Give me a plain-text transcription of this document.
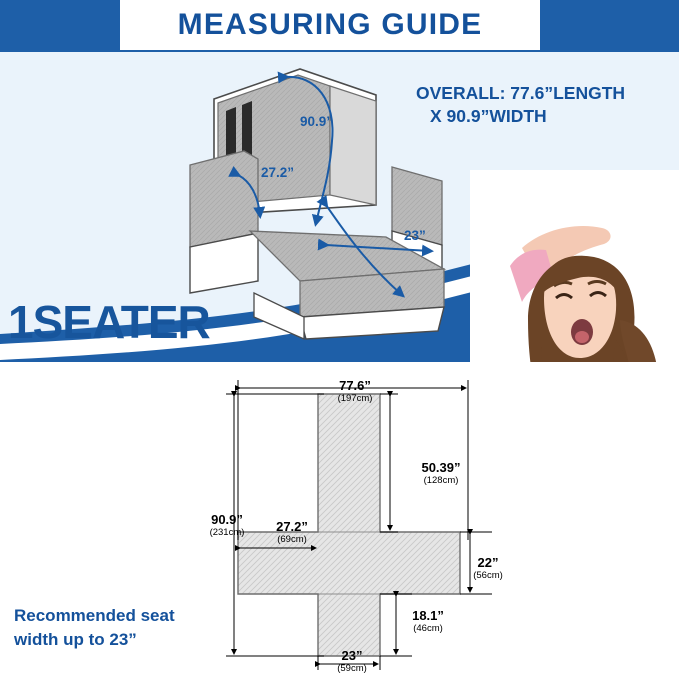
MEASURING GUIDE
OVERALL: 77.6”LENGTH
X 90.9”WIDTH
90.9”
27.2”
23”
1SEATER
77.6”
(197cm)
90.9”
(231cm)
50.39”
(128cm)
27.2”
(69cm)
22”
(56cm)
18.1”
(46cm)
23”
(59cm)
Recommended seat
width up to 23”
